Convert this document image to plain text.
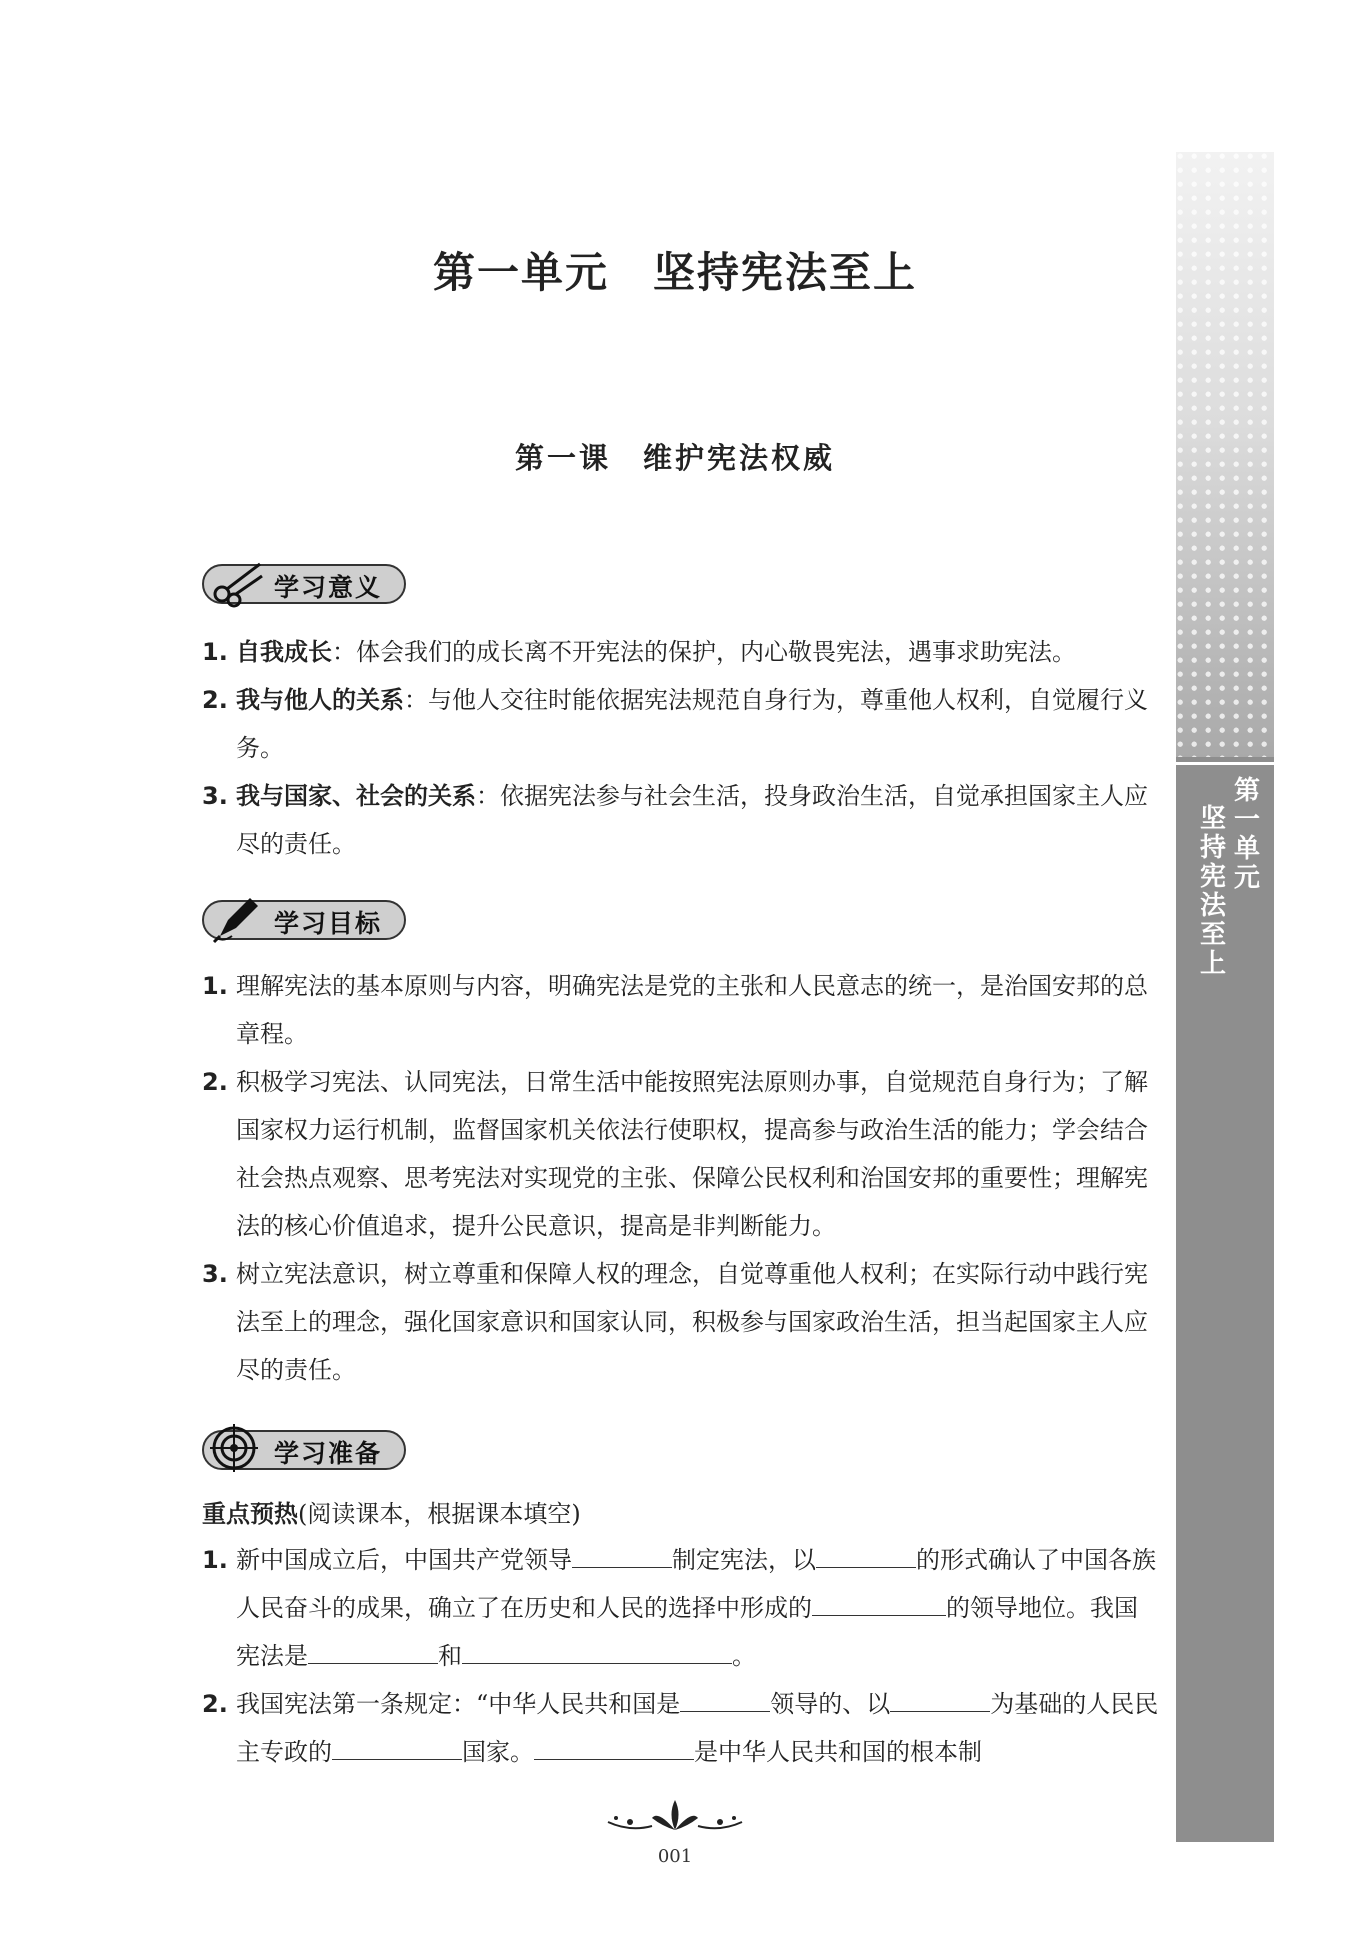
第一单元　坚持宪法至上
第一课　维护宪法权威
学习意义
1. 自我成长：体会我们的成长离不开宪法的保护，内心敬畏宪法，遇事求助宪法。
2. 我与他人的关系：与他人交往时能依据宪法规范自身行为，尊重他人权利，自觉履行义务。
3. 我与国家、社会的关系：依据宪法参与社会生活，投身政治生活，自觉承担国家主人应尽的责任。
学习目标
1. 理解宪法的基本原则与内容，明确宪法是党的主张和人民意志的统一，是治国安邦的总章程。
2. 积极学习宪法、认同宪法，日常生活中能按照宪法原则办事，自觉规范自身行为；了解国家权力运行机制，监督国家机关依法行使职权，提高参与政治生活的能力；学会结合社会热点观察、思考宪法对实现党的主张、保障公民权利和治国安邦的重要性；理解宪法的核心价值追求，提升公民意识，提高是非判断能力。
3. 树立宪法意识，树立尊重和保障人权的理念，自觉尊重他人权利；在实际行动中践行宪法至上的理念，强化国家意识和国家认同，积极参与国家政治生活，担当起国家主人应尽的责任。
学习准备
重点预热(阅读课本，根据课本填空)
1. 新中国成立后，中国共产党领导	制定宪法，以	的形式确认了中国各族人民奋斗的成果，确立了在历史和人民的选择中形成的	的领导地位。我国宪法是	和	。
2. 我国宪法第一条规定：“中华人民共和国是	领导的、以	为基础的人民民主专政的	国家。	是中华人民共和国的根本制
第一单元
坚持宪法至上
001
